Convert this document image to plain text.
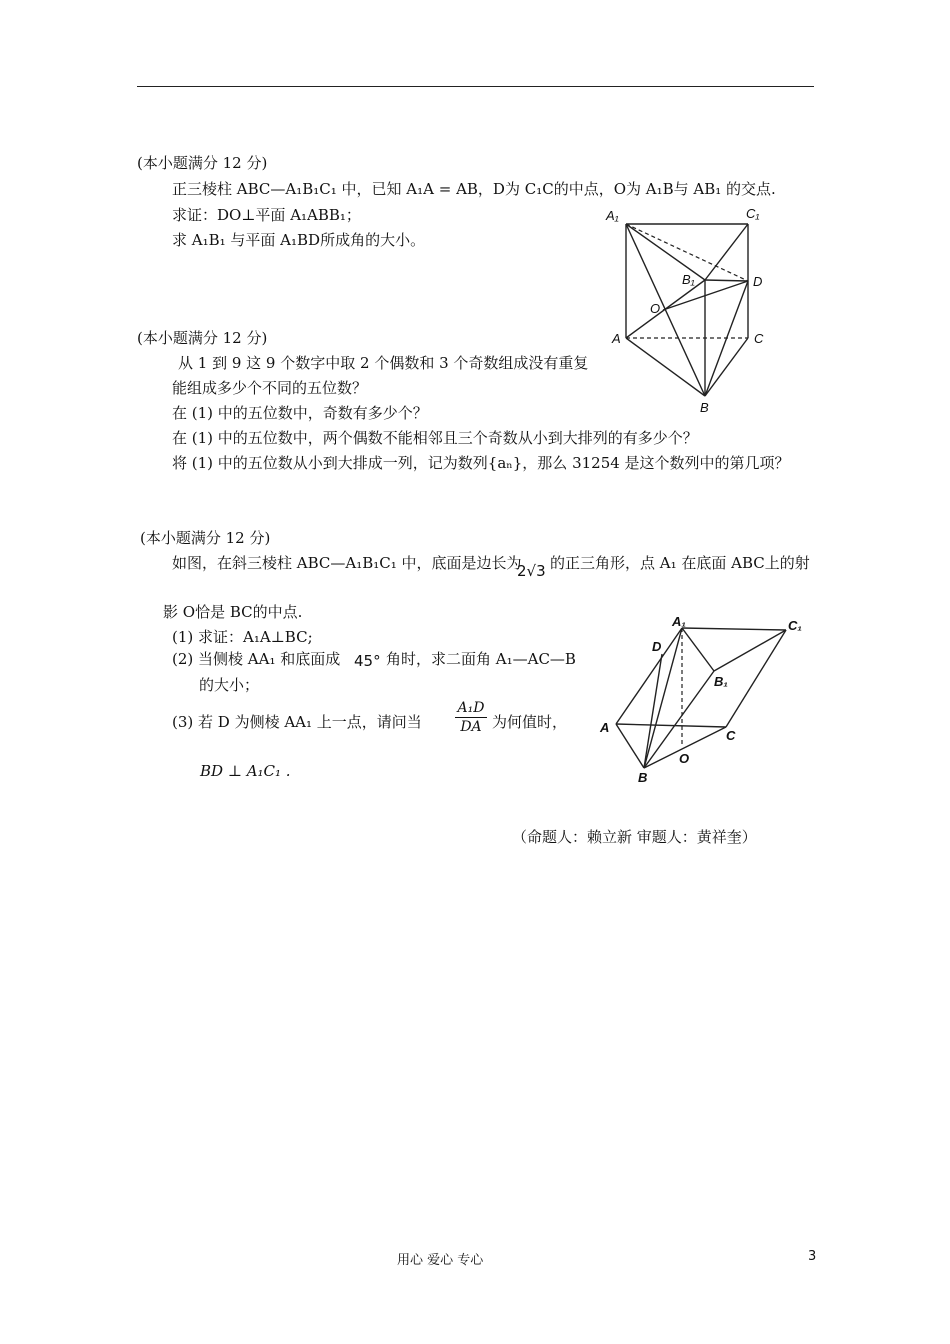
(本小题满分 12 分)
正三棱柱 ABC—A₁B₁C₁ 中，已知 A₁A = AB，D为 C₁C的中点，O为 A₁B与 AB₁ 的交点.
求证：DO⊥平面 A₁ABB₁；
求 A₁B₁ 与平面 A₁BD所成角的大小。
A₁	C₁
B₁	D
O
A	C
B
(本小题满分 12 分)
从 1 到 9 这 9 个数字中取 2 个偶数和 3 个奇数组成没有重复
能组成多少个不同的五位数？
在 (1) 中的五位数中，奇数有多少个？
在 (1) 中的五位数中，两个偶数不能相邻且三个奇数从小到大排列的有多少个？
将 (1) 中的五位数从小到大排成一列，记为数列{aₙ}，那么 31254 是这个数列中的第几项？
(本小题满分 12 分)
如图，在斜三棱柱 ABC—A₁B₁C₁ 中，底面是边长为
2√3 的正三角形，点 A₁ 在底面 ABC上的射
影 O恰是 BC的中点.
(1) 求证：A₁A⊥BC;
(2) 当侧棱 AA₁ 和底面成 45° 角时，求二面角 A₁—AC—B
的大小；
(3) 若 D 为侧棱 AA₁ 上一点，请问当
A₁D
DA 为何值时，
BD ⊥ A₁C₁ .
A₁	C₁
D
B₁
A
C
O
B
（命题人：赖立新 审题人：黄祥奎）
用心 爱心 专心	3
